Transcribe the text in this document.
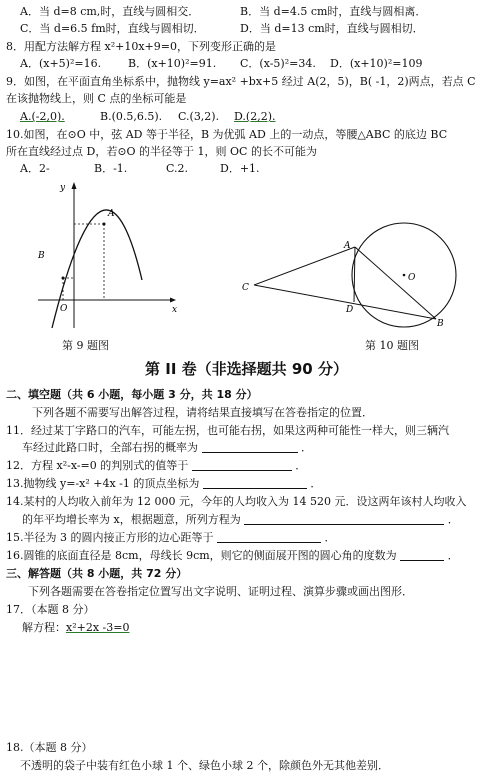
A．当 d=8 cm,时，直线与圆相交．	B．当 d=4.5 cm时，直线与圆相离．
C．当 d=6.5 fm时，直线与圆相切．	D．当 d=13 cm时，直线与圆相切．
8．用配方法解方程 x²+10x+9=0，下列变形正确的是
A．(x+5)²=16. B．(x+10)²=91. C．(x-5)²=34. D．(x+10)²=109
9．如图，在平面直角坐标系中，抛物线 y=ax² +bx+5 经过 A(2，5)，B( -1，2)两点，若点 C
在该抛物线上，则 C 点的坐标可能是
A.(-2,0).	B.(0.5,6.5). C.(3,2). D.(2,2).
10.如图，在⊙O 中，弦 AD 等于半径，B 为优弧 AD 上的一动点，等腰△ABC 的底边 BC
所在直线经过点 D，若⊙O 的半径等于 1，则 OC 的长不可能为
A．2-	B．-1.	C.2.	D．+1.
y
x
A
B
O
第 9 题图
A
B
C
D
O
第 10 题图
第 II 卷（非选择题共 90 分）
二、填空题（共 6 小题，每小题 3 分，共 18 分）
下列各题不需要写出解答过程，请将结果直接填写在答卷指定的位置．
11．经过某丁字路口的汽车，可能左拐，也可能右拐，如果这两种可能性一样大，则三辆汽
车经过此路口时，全部右拐的概率为	．
12．方程 x²-x-=0 的判别式的值等于	．
13.抛物线 y=-x² +4x -1 的顶点坐标为	．
14.某村的人均收入前年为 12 000 元，今年的人均收入为 14 520 元．设这两年该村人均收入
的年平均增长率为 x，根据题意，所列方程为	．
15.半径为 3 的圆内接正方形的边心距等于	．
16.圆锥的底面直径是 8cm，母线长 9cm，则它的侧面展开图的圆心角的度数为	．
三、解答题（共 8 小题，共 72 分）
下列各题需要在答卷指定位置写出文字说明、证明过程、演算步骤或画出图形．
17．（本题 8 分）
解方程：x²+2x -3=0
18.（本题 8 分）
不透明的袋子中装有红色小球 1 个、绿色小球 2 个，除颜色外无其他差别．
